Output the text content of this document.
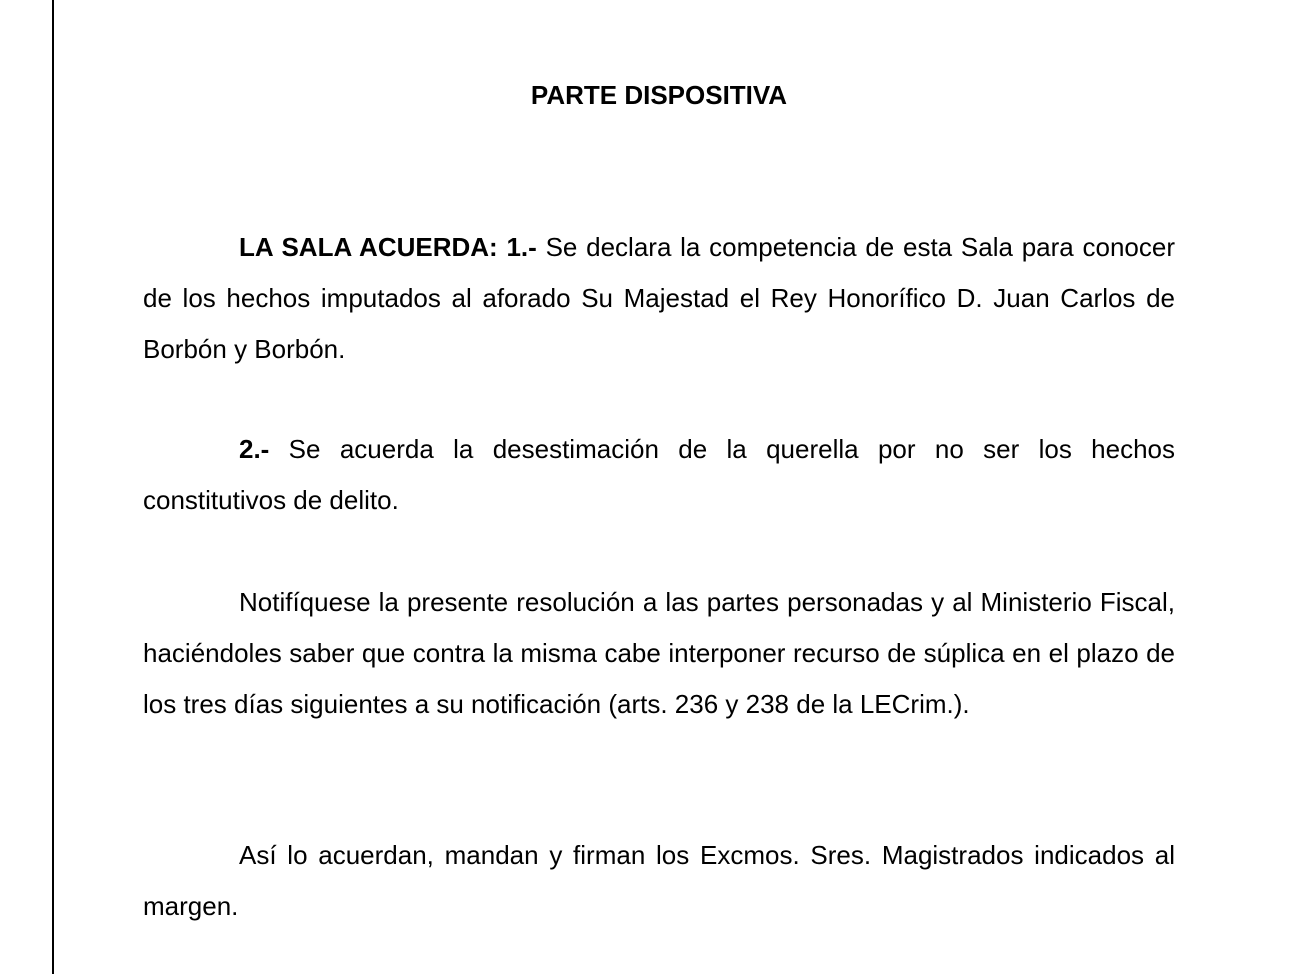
PARTE DISPOSITIVA

LA SALA ACUERDA: 1.- Se declara la competencia de esta Sala para conocer de los hechos imputados al aforado Su Majestad el Rey Honorífico D. Juan Carlos de Borbón y Borbón.

2.- Se acuerda la desestimación de la querella por no ser los hechos constitutivos de delito.

Notifíquese la presente resolución a las partes personadas y al Ministerio Fiscal, haciéndoles saber que contra la misma cabe interponer recurso de súplica en el plazo de los tres días siguientes a su notificación (arts. 236 y 238 de la LECrim.).

Así lo acuerdan, mandan y firman los Excmos. Sres. Magistrados indicados al margen.
